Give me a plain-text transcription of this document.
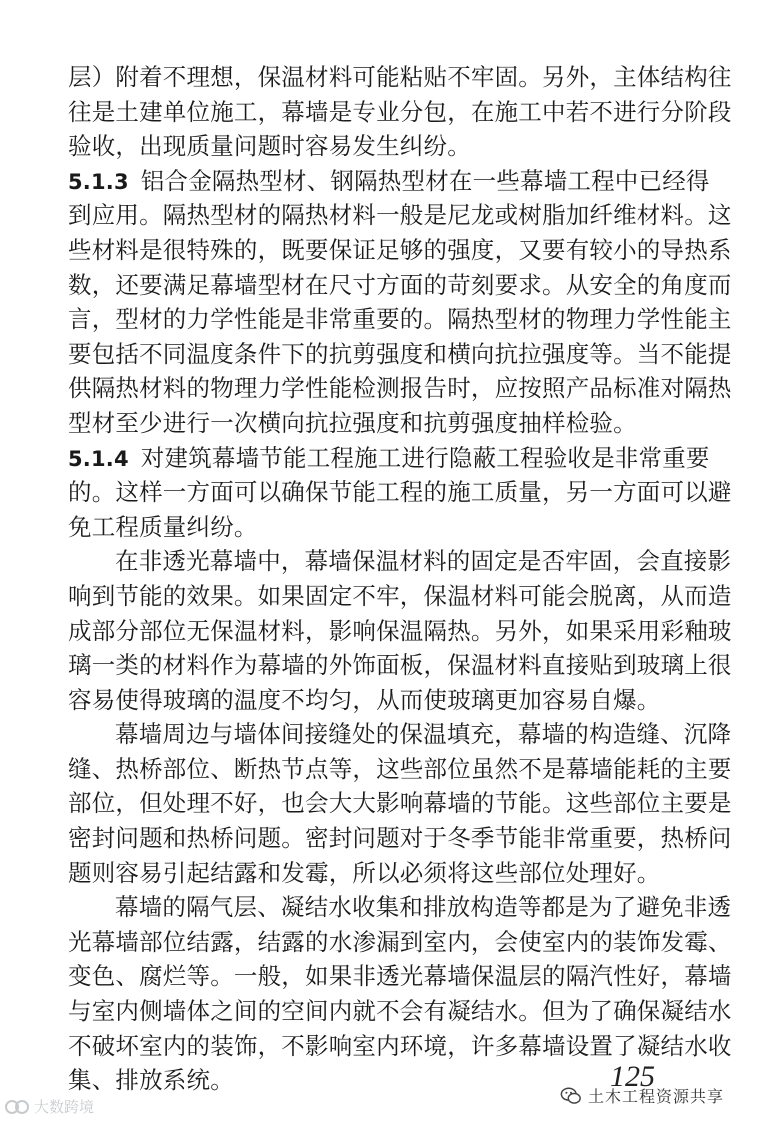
层）附着不理想，保温材料可能粘贴不牢固。另外，主体结构往
往是土建单位施工，幕墙是专业分包，在施工中若不进行分阶段
验收，出现质量问题时容易发生纠纷。
5.1.3 铝合金隔热型材、钢隔热型材在一些幕墙工程中已经得
到应用。隔热型材的隔热材料一般是尼龙或树脂加纤维材料。这
些材料是很特殊的，既要保证足够的强度，又要有较小的导热系
数，还要满足幕墙型材在尺寸方面的苛刻要求。从安全的角度而
言，型材的力学性能是非常重要的。隔热型材的物理力学性能主
要包括不同温度条件下的抗剪强度和横向抗拉强度等。当不能提
供隔热材料的物理力学性能检测报告时，应按照产品标准对隔热
型材至少进行一次横向抗拉强度和抗剪强度抽样检验。
5.1.4 对建筑幕墙节能工程施工进行隐蔽工程验收是非常重要
的。这样一方面可以确保节能工程的施工质量，另一方面可以避
免工程质量纠纷。
在非透光幕墙中，幕墙保温材料的固定是否牢固，会直接影
响到节能的效果。如果固定不牢，保温材料可能会脱离，从而造
成部分部位无保温材料，影响保温隔热。另外，如果采用彩釉玻
璃一类的材料作为幕墙的外饰面板，保温材料直接贴到玻璃上很
容易使得玻璃的温度不均匀，从而使玻璃更加容易自爆。
幕墙周边与墙体间接缝处的保温填充，幕墙的构造缝、沉降
缝、热桥部位、断热节点等，这些部位虽然不是幕墙能耗的主要
部位，但处理不好，也会大大影响幕墙的节能。这些部位主要是
密封问题和热桥问题。密封问题对于冬季节能非常重要，热桥问
题则容易引起结露和发霉，所以必须将这些部位处理好。
幕墙的隔气层、凝结水收集和排放构造等都是为了避免非透
光幕墙部位结露，结露的水渗漏到室内，会使室内的装饰发霉、
变色、腐烂等。一般，如果非透光幕墙保温层的隔汽性好，幕墙
与室内侧墙体之间的空间内就不会有凝结水。但为了确保凝结水
不破坏室内的装饰，不影响室内环境，许多幕墙设置了凝结水收
集、排放系统。	125
土木工程资源共享
大数跨境
